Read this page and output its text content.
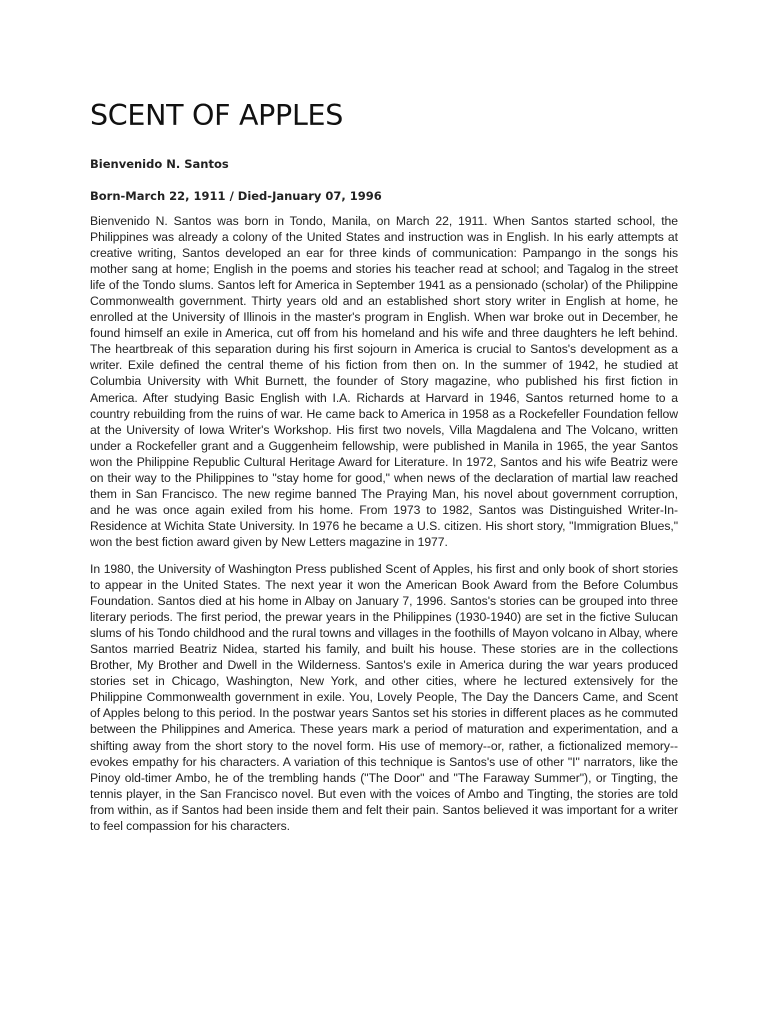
SCENT OF APPLES

Bienvenido N. Santos

Born-March 22, 1911 / Died-January 07, 1996

Bienvenido N. Santos was born in Tondo, Manila, on March 22, 1911. When Santos started school, the Philippines was already a colony of the United States and instruction was in English. In his early attempts at creative writing, Santos developed an ear for three kinds of communication: Pampango in the songs his mother sang at home; English in the poems and stories his teacher read at school; and Tagalog in the street life of the Tondo slums. Santos left for America in September 1941 as a pensionado (scholar) of the Philippine Commonwealth government. Thirty years old and an established short story writer in English at home, he enrolled at the University of Illinois in the master's program in English. When war broke out in December, he found himself an exile in America, cut off from his homeland and his wife and three daughters he left behind. The heartbreak of this separation during his first sojourn in America is crucial to Santos's development as a writer. Exile defined the central theme of his fiction from then on. In the summer of 1942, he studied at Columbia University with Whit Burnett, the founder of Story magazine, who published his first fiction in America. After studying Basic English with I.A. Richards at Harvard in 1946, Santos returned home to a country rebuilding from the ruins of war. He came back to America in 1958 as a Rockefeller Foundation fellow at the University of Iowa Writer's Workshop. His first two novels, Villa Magdalena and The Volcano, written under a Rockefeller grant and a Guggenheim fellowship, were published in Manila in 1965, the year Santos won the Philippine Republic Cultural Heritage Award for Literature. In 1972, Santos and his wife Beatriz were on their way to the Philippines to "stay home for good," when news of the declaration of martial law reached them in San Francisco. The new regime banned The Praying Man, his novel about government corruption, and he was once again exiled from his home. From 1973 to 1982, Santos was Distinguished Writer-In-Residence at Wichita State University. In 1976 he became a U.S. citizen. His short story, "Immigration Blues," won the best fiction award given by New Letters magazine in 1977.

In 1980, the University of Washington Press published Scent of Apples, his first and only book of short stories to appear in the United States. The next year it won the American Book Award from the Before Columbus Foundation. Santos died at his home in Albay on January 7, 1996. Santos's stories can be grouped into three literary periods. The first period, the prewar years in the Philippines (1930-1940) are set in the fictive Sulucan slums of his Tondo childhood and the rural towns and villages in the foothills of Mayon volcano in Albay, where Santos married Beatriz Nidea, started his family, and built his house. These stories are in the collections Brother, My Brother and Dwell in the Wilderness. Santos's exile in America during the war years produced stories set in Chicago, Washington, New York, and other cities, where he lectured extensively for the Philippine Commonwealth government in exile. You, Lovely People, The Day the Dancers Came, and Scent of Apples belong to this period. In the postwar years Santos set his stories in different places as he commuted between the Philippines and America. These years mark a period of maturation and experimentation, and a shifting away from the short story to the novel form. His use of memory--or, rather, a fictionalized memory--evokes empathy for his characters. A variation of this technique is Santos's use of other "I" narrators, like the Pinoy old-timer Ambo, he of the trembling hands ("The Door" and "The Faraway Summer"), or Tingting, the tennis player, in the San Francisco novel. But even with the voices of Ambo and Tingting, the stories are told from within, as if Santos had been inside them and felt their pain. Santos believed it was important for a writer to feel compassion for his characters.
